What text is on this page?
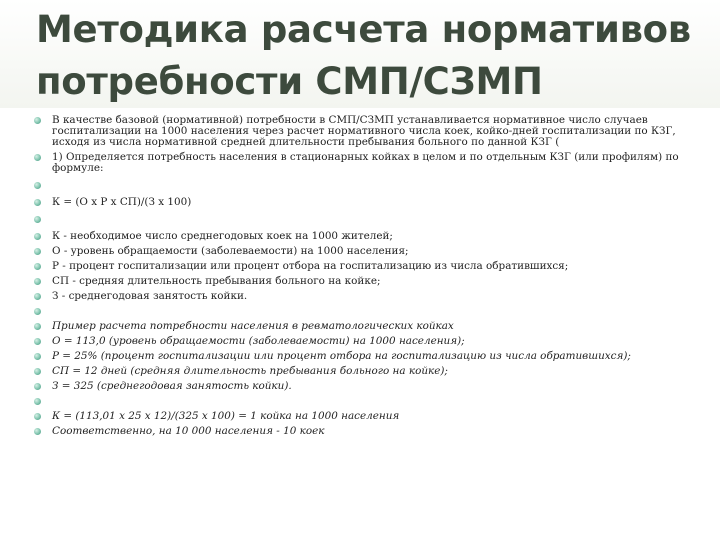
Методика расчета нормативов
потребности СМП/СЗМП
В качестве базовой (нормативной) потребности в СМП/СЗМП устанавливается нормативное число случаев госпитализации на 1000 населения через расчет нормативного числа коек, койко-дней госпитализации по КЗГ, исходя из числа нормативной средней длительности пребывания больного по данной КЗГ (
1) Определяется потребность населения в стационарных койках в целом и по отдельным КЗГ (или профилям) по формуле:
К = (О х Р х СП)/(З х 100)
К - необходимое число среднегодовых коек на 1000 жителей;
О - уровень обращаемости (заболеваемости) на 1000 населения;
Р - процент госпитализации или процент отбора на госпитализацию из числа обратившихся;
СП - средняя длительность пребывания больного на койке;
З - среднегодовая занятость койки.
Пример расчета потребности населения в ревматологических койках
О = 113,0 (уровень обращаемости (заболеваемости) на 1000 населения);
Р = 25% (процент госпитализации или процент отбора на госпитализацию из числа обратившихся);
СП = 12 дней (средняя длительность пребывания больного на койке);
З = 325 (среднегодовая занятость койки).
К = (113,01 х 25 х 12)/(325 х 100) = 1 койка на 1000 населения
Соответственно, на 10 000 населения - 10 коек
